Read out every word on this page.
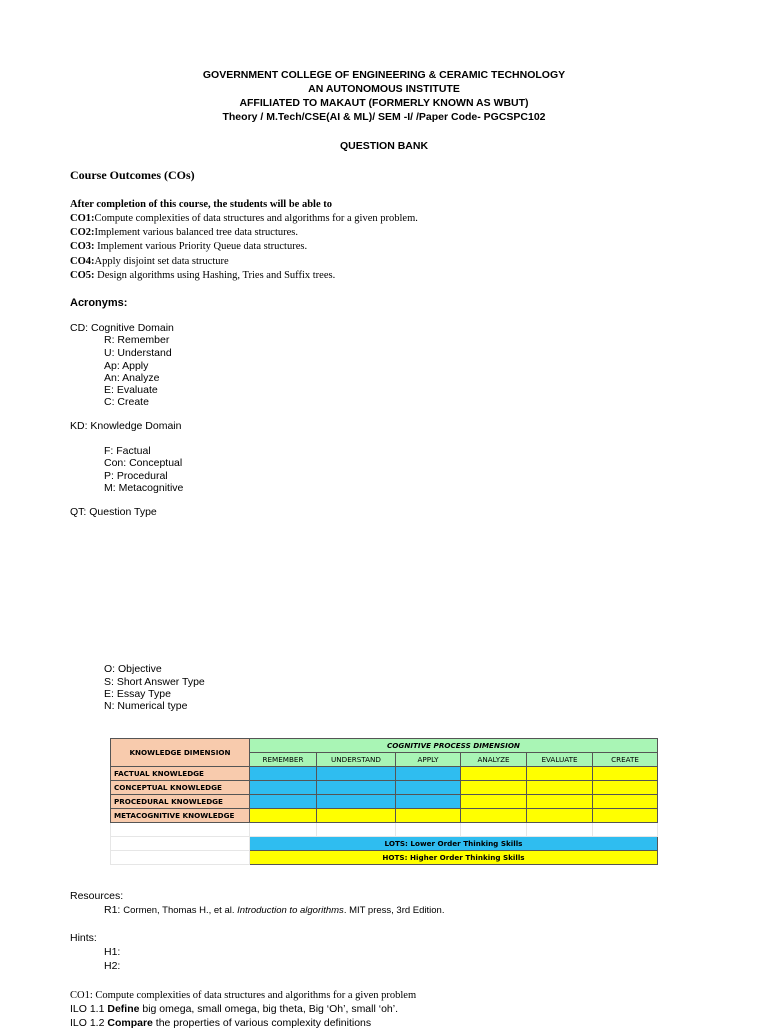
GOVERNMENT COLLEGE OF ENGINEERING & CERAMIC TECHNOLOGY
AN AUTONOMOUS INSTITUTE
AFFILIATED TO MAKAUT (FORMERLY KNOWN AS WBUT)
Theory / M.Tech/CSE(AI & ML)/ SEM -I/ /Paper Code- PGCSPC102
QUESTION BANK
Course Outcomes (COs)
After completion of this course, the students will be able to
CO1:Compute complexities of data structures and algorithms for a given problem.
CO2:Implement various balanced tree data structures.
CO3: Implement various Priority Queue data structures.
CO4:Apply disjoint set data structure
CO5: Design algorithms using Hashing, Tries and Suffix trees.
Acronyms:
CD: Cognitive Domain
R: Remember
U: Understand
Ap: Apply
An: Analyze
E: Evaluate
C: Create
KD: Knowledge Domain
F: Factual
Con: Conceptual
P: Procedural
M: Metacognitive
QT: Question Type
O: Objective
S: Short Answer Type
E: Essay Type
N: Numerical type
KNOWLEDGE DIMENSION	COGNITIVE PROCESS DIMENSION					
	REMEMBER	UNDERSTAND	APPLY	ANALYZE	EVALUATE	CREATE
FACTUAL KNOWLEDGE						
CONCEPTUAL KNOWLEDGE						
PROCEDURAL KNOWLEDGE						
METACOGNITIVE KNOWLEDGE						

	LOTS: Lower Order Thinking Skills					
	HOTS: Higher Order Thinking Skills					
Resources:
R1: Cormen, Thomas H., et al. Introduction to algorithms. MIT press, 3rd Edition.
Hints:
H1:
H2:
CO1: Compute complexities of data structures and algorithms for a given problem
ILO 1.1 Define big omega, small omega, big theta, Big ‘Oh’, small ‘oh’.
ILO 1.2 Compare the properties of various complexity definitions
